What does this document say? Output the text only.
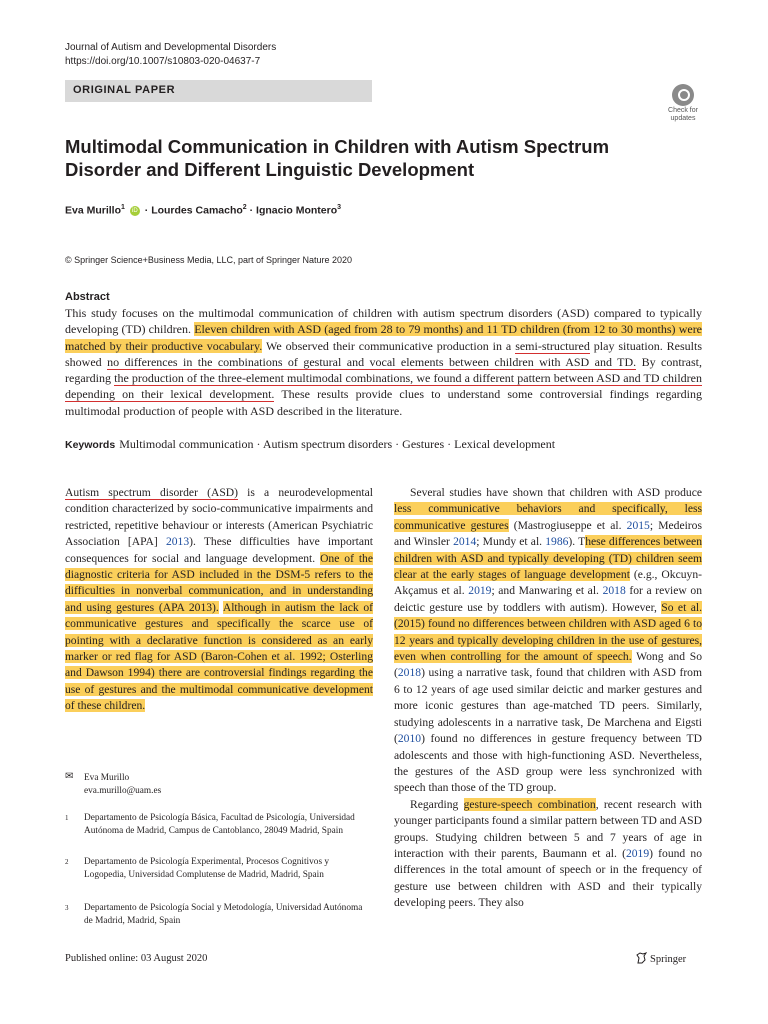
Journal of Autism and Developmental Disorders
https://doi.org/10.1007/s10803-020-04637-7
ORIGINAL PAPER
Check for
updates
Multimodal Communication in Children with Autism Spectrum
Disorder and Different Linguistic Development
Eva Murillo$^1$ iD · Lourdes Camacho$^2$ · Ignacio Montero$^3$
© Springer Science+Business Media, LLC, part of Springer Nature 2020
Abstract
This study focuses on the multimodal communication of children with autism spectrum disorders (ASD) compared to typically developing (TD) children. Eleven children with ASD (aged from 28 to 79 months) and 11 TD children (from 12 to 30 months) were matched by their productive vocabulary. We observed their communicative production in a semi-structured play situation. Results showed no differences in the combinations of gestural and vocal elements between children with ASD and TD. By contrast, regarding the production of the three-element multimodal combinations, we found a different pattern between ASD and TD children depending on their lexical development. These results provide clues to understand some controversial findings regarding multimodal production of people with ASD described in the literature.
Keywords Multimodal communication · Autism spectrum disorders · Gestures · Lexical development

Autism spectrum disorder (ASD) is a neurodevelopmental condition characterized by socio-communicative impairments and restricted, repetitive behaviour or interests (American Psychiatric Association [APA] 2013). These difficulties have important consequences for social and language development. One of the diagnostic criteria for ASD included in the DSM-5 refers to the difficulties in nonverbal communication, and in understanding and using gestures (APA 2013). Although in autism the lack of communicative gestures and specifically the scarce use of pointing with a declarative function is considered as an early marker or red flag for ASD (Baron-Cohen et al. 1992; Osterling and Dawson 1994) there are controversial findings regarding the use of gestures and the multimodal communicative development of these children.

Several studies have shown that children with ASD produce less communicative behaviors and specifically, less communicative gestures (Mastrogiuseppe et al. 2015; Medeiros and Winsler 2014; Mundy et al. 1986). These differences between children with ASD and typically developing (TD) children seem clear at the early stages of language development (e.g., Okcuyn-Akçamus et al. 2019; and Manwaring et al. 2018 for a review on deictic gesture use by toddlers with autism). However, So et al. (2015) found no differences between children with ASD aged 6 to 12 years and typically developing children in the use of gestures, even when controlling for the amount of speech. Wong and So (2018) using a narrative task, found that children with ASD from 6 to 12 years of age used similar deictic and marker gestures and more iconic gestures than age-matched TD peers. Similarly, studying adolescents in a narrative task, De Marchena and Eigsti (2010) found no differences in gesture frequency between TD adolescents and those with high-functioning ASD. Nevertheless, the gestures of the ASD group were less synchronized with speech than those of the TD group.

Regarding gesture-speech combination, recent research with younger participants found a similar pattern between TD and ASD groups. Studying children between 5 and 7 years of age in interaction with their parents, Baumann et al. (2019) found no differences in the total amount of speech or in the frequency of gesture use between children with ASD and their typically developing peers. They also

✉ Eva Murillo
eva.murillo@uam.es
1 Departamento de Psicología Básica, Facultad de Psicología, Universidad Autónoma de Madrid, Campus de Cantoblanco, 28049 Madrid, Spain
2 Departamento de Psicología Experimental, Procesos Cognitivos y Logopedia, Universidad Complutense de Madrid, Madrid, Spain
3 Departamento de Psicología Social y Metodología, Universidad Autónoma de Madrid, Madrid, Spain
Published online: 03 August 2020	Springer
